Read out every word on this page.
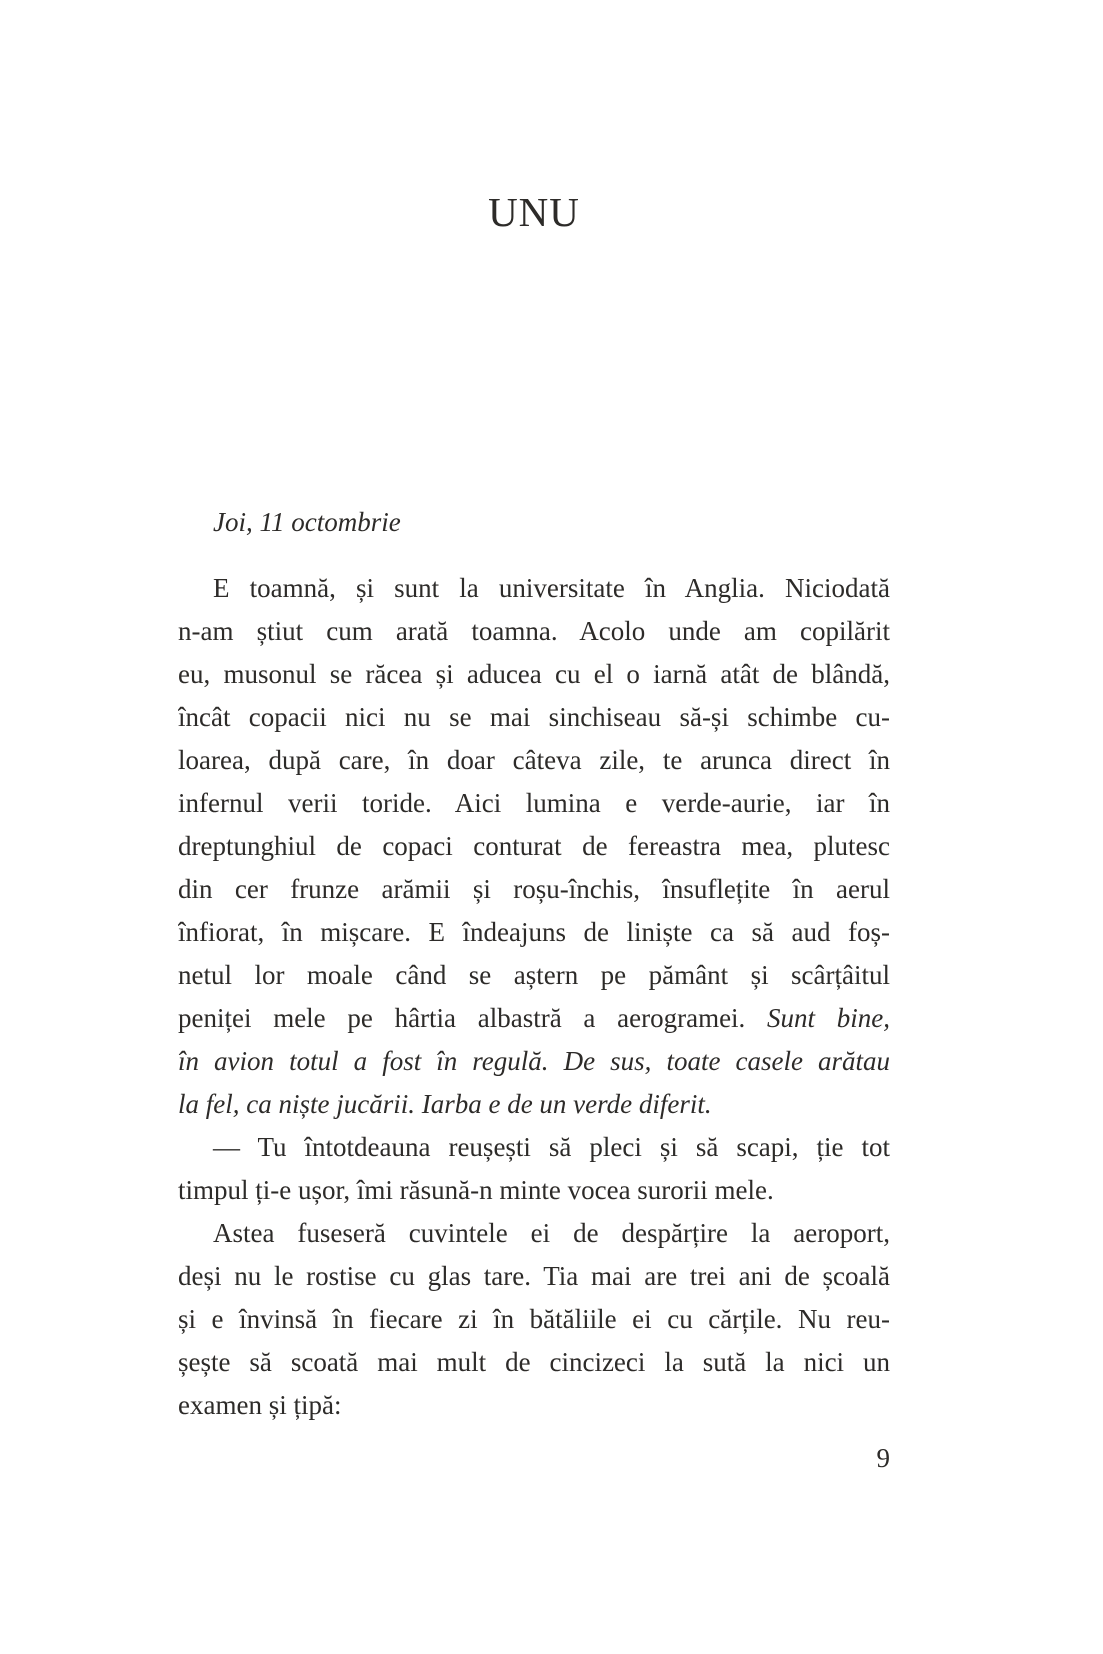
UNU
Joi, 11 octombrie
E toamnă, și sunt la universitate în Anglia. Niciodată
n-am știut cum arată toamna. Acolo unde am copilărit
eu, musonul se răcea și aducea cu el o iarnă atât de blândă,
încât copacii nici nu se mai sinchiseau să-și schimbe cu-
loarea, după care, în doar câteva zile, te arunca direct în
infernul verii toride. Aici lumina e verde-aurie, iar în
dreptunghiul de copaci conturat de fereastra mea, plutesc
din cer frunze arămii și roșu-închis, însuflețite în aerul
înfiorat, în mișcare. E îndeajuns de liniște ca să aud foș-
netul lor moale când se aștern pe pământ și scârțâitul
peniței mele pe hârtia albastră a aerogramei. Sunt bine,
în avion totul a fost în regulă. De sus, toate casele arătau
la fel, ca niște jucării. Iarba e de un verde diferit.
— Tu întotdeauna reușești să pleci și să scapi, ție tot
timpul ți-e ușor, îmi răsună-n minte vocea surorii mele.
Astea fuseseră cuvintele ei de despărțire la aeroport,
deși nu le rostise cu glas tare. Tia mai are trei ani de școală
și e învinsă în fiecare zi în bătăliile ei cu cărțile. Nu reu-
șește să scoată mai mult de cincizeci la sută la nici un
examen și țipă:
9
